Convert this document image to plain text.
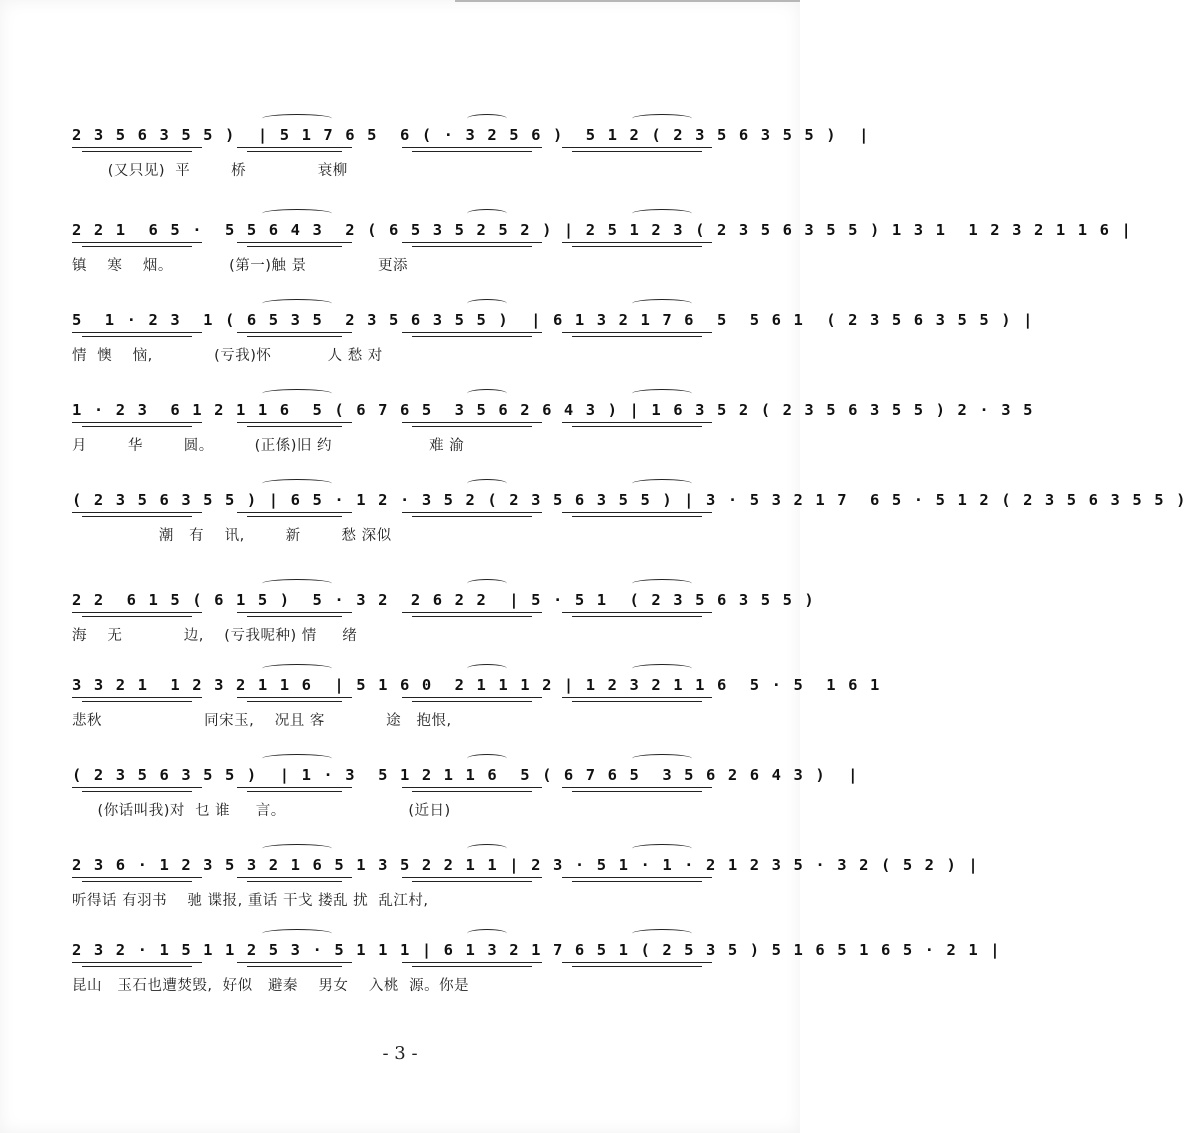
2 3 5 6 3 5 5 )  | 5 1 7 6 5  6 ( · 3 2 5 6 )  5 1 2 ( 2 3 5 6 3 5 5 )  |
(又只见)  平        桥              衰柳
2 2 1  6 5 ·  5 5 6 4 3  2 ( 6 5 3 5 2 5 2 ) | 2 5 1 2 3 ( 2 3 5 6 3 5 5 ) 1 3 1  1 2 3 2 1 1 6 |
镇    寒    烟。           (第一)触 景              更添
5  1 · 2 3  1 ( 6 5 3 5  2 3 5 6 3 5 5 )  | 6 1 3 2 1 7 6  5  5 6 1  ( 2 3 5 6 3 5 5 ) |
情  懊    恼,            (亏我)怀           人 愁 对
1 · 2 3  6 1 2 1 1 6  5 ( 6 7 6 5  3 5 6 2 6 4 3 ) | 1 6 3 5 2 ( 2 3 5 6 3 5 5 ) 2 · 3 5
月        华        圆。        (正係)旧 约                   难 渝
( 2 3 5 6 3 5 5 ) | 6 5 · 1 2 · 3 5 2 ( 2 3 5 6 3 5 5 ) | 3 · 5 3 2 1 7  6 5 · 5 1 2 ( 2 3 5 6 3 5 5 )
潮   有    讯,        新        愁 深似
2 2  6 1 5 ( 6 1 5 )  5 · 3 2  2 6 2 2  | 5 · 5 1  ( 2 3 5 6 3 5 5 )
海    无            边,    (亏我呢种) 情     绪
3 3 2 1  1 2 3 2 1 1 6  | 5 1 6 0  2 1 1 1 2 | 1 2 3 2 1 1 6  5 · 5  1 6 1
悲秋                    同宋玉,    况且 客            途   抱恨,
( 2 3 5 6 3 5 5 )  | 1 · 3  5 1 2 1 1 6  5 ( 6 7 6 5  3 5 6 2 6 4 3 )  |
(你话叫我)对  乜 谁     言。                        (近日)
2 3 6 · 1 2 3 5 3 2 1 6 5 1 3 5 2 2 1 1 | 2 3 · 5 1 · 1 · 2 1 2 3 5 · 3 2 ( 5 2 ) |
听得话 有羽书    驰 谍报, 重话 干戈 搂乱 扰  乱江村,
2 3 2 · 1 5 1 1 2 5 3 · 5 1 1 1 | 6 1 3 2 1 7 6 5 1 ( 2 5 3 5 ) 5 1 6 5 1 6 5 · 2 1 |
昆山   玉石也遭焚毁,  好似   避秦    男女    入桃  源。你是
- 3 -
